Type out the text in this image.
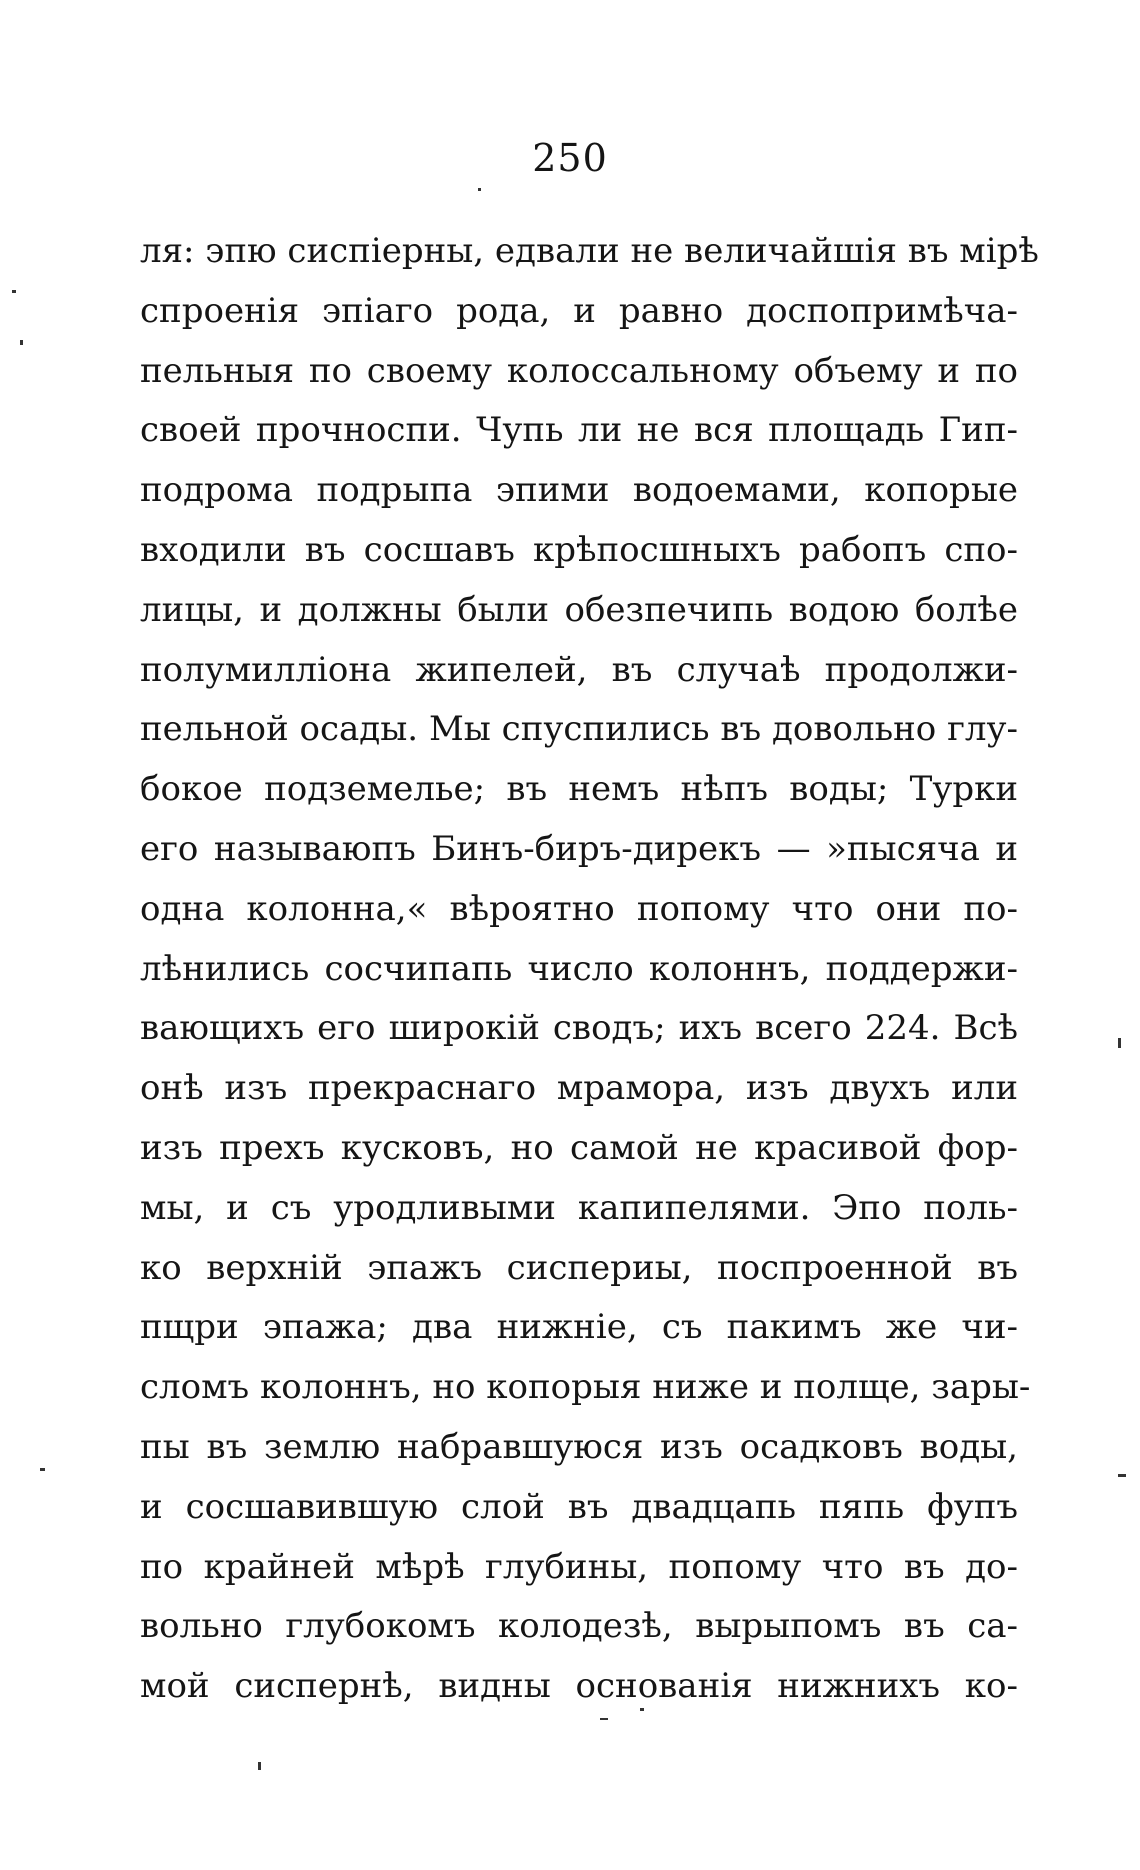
250
ля: эпю сиспіерны, едвали не величайшія въ мірѣ
спроенія эпіаго рода, и равно доспопримѣча-
пельныя по своему колоссальному объему и по
своей прочноспи. Чупь ли не вся площадь Гип-
подрома подрыпа эпими водоемами, копорые
входили въ сосшавъ крѣпосшныхъ рабопъ спо-
лицы, и должны были обезпечипь водою болѣе
полумилліона жипелей, въ случаѣ продолжи-
пельной осады. Мы спуспились въ довольно глу-
бокое подземелье; въ немъ нѣпъ воды; Турки
его называюпъ Бинъ-биръ-дирекъ — »пысяча и
одна колонна,« вѣроятно попому что они по-
лѣнились сосчипапь число колоннъ, поддержи-
вающихъ его широкій сводъ; ихъ всего 224. Всѣ
онѣ изъ прекраснаго мрамора, изъ двухъ или
изъ прехъ кусковъ, но самой не красивой фор-
мы, и съ уродливыми капипелями. Эпо поль-
ко верхній эпажъ сиспериы, поспроенной въ
пщри эпажа; два нижніе, съ пакимъ же чи-
сломъ колоннъ, но копорыя ниже и полще, зары-
пы въ землю набравшуюся изъ осадковъ воды,
и сосшавившую слой въ двадцапь пяпь фупъ
по крайней мѣрѣ глубины, попому что въ до-
вольно глубокомъ колодезѣ, вырыпомъ въ са-
мой сиспернѣ, видны оснoвaнiя нижнихъ ко-
